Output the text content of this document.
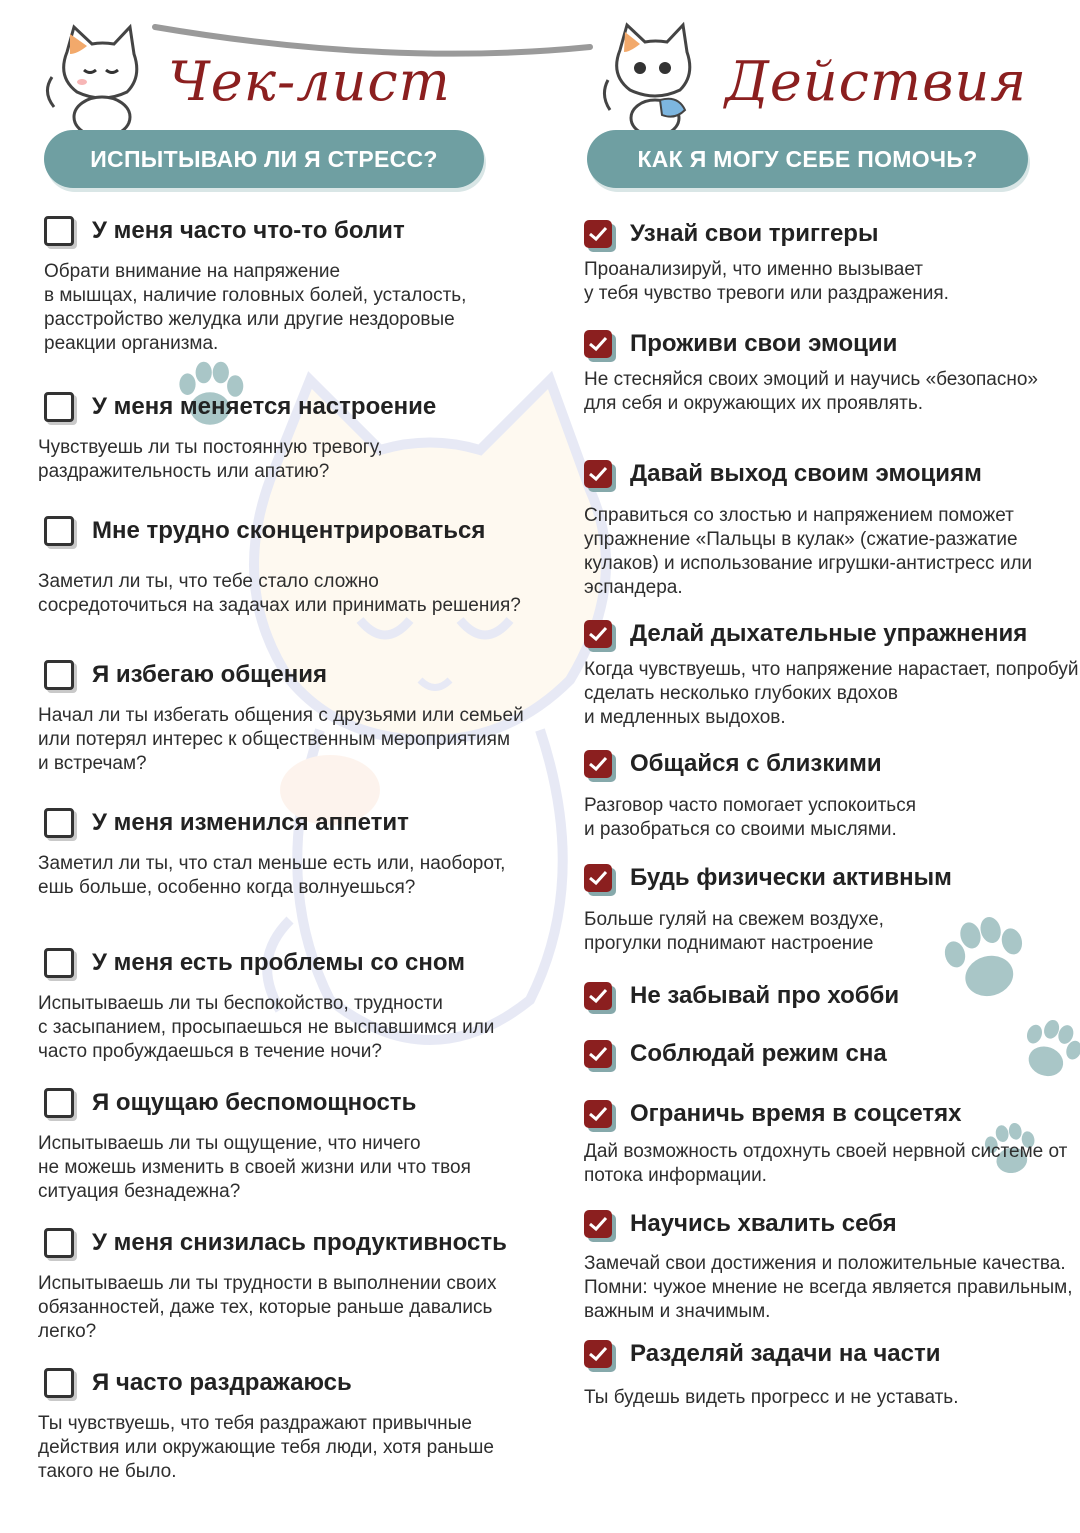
Чек-лист
ИСПЫТЫВАЮ ЛИ Я СТРЕСС?
У меня часто что-то болит
Обрати внимание на напряжение
в мышцах, наличие головных болей, усталость, расстройство желудка или другие нездоровые реакции организма.
У меня меняется настроение
Чувствуешь ли ты постоянную тревогу, раздражительность или апатию?
Мне трудно сконцентрироваться
Заметил ли ты, что тебе стало сложно сосредоточиться на задачах или принимать решения?
Я избегаю общения
Начал ли ты избегать общения с друзьями или семьей или потерял интерес к общественным мероприятиям и встречам?
У меня изменился аппетит
Заметил ли ты, что стал меньше есть или, наоборот, ешь больше, особенно когда волнуешься?
У меня есть проблемы со сном
Испытываешь ли ты беспокойство, трудности
с засыпанием, просыпаешься не выспавшимся или часто пробуждаешься в течение ночи?
Я ощущаю беспомощность
Испытываешь ли ты ощущение, что ничего
не можешь изменить в своей жизни или что твоя ситуация безнадежна?
У меня снизилась продуктивность
Испытываешь ли ты трудности в выполнении своих обязанностей, даже тех, которые раньше давались легко?
Я часто раздражаюсь
Ты чувствуешь, что тебя раздражают привычные действия или окружающие тебя люди, хотя раньше такого не было.
Действия
КАК Я МОГУ СЕБЕ ПОМОЧЬ?
Узнай свои триггеры
Проанализируй, что именно вызывает
у тебя чувство тревоги или раздражения.
Проживи свои эмоции
Не стесняйся своих эмоций и научись «безопасно» для себя и окружающих их проявлять.
Давай выход своим эмоциям
Справиться со злостью и напряжением поможет упражнение «Пальцы в кулак» (сжатие-разжатие кулаков) и использование игрушки-антистресс или эспандера.
Делай дыхательные упражнения
Когда чувствуешь, что напряжение нарастает, попробуй сделать несколько глубоких вдохов
и медленных выдохов.
Общайся с близкими
Разговор часто помогает успокоиться
и разобраться со своими мыслями.
Будь физически активным
Больше гуляй на свежем воздухе,
прогулки поднимают настроение
Не забывай про хобби
Соблюдай режим сна
Ограничь время в соцсетях
Дай возможность отдохнуть своей нервной системе от потока информации.
Научись хвалить себя
Замечай свои достижения и положительные качества. Помни: чужое мнение не всегда является правильным, важным и значимым.
Разделяй задачи на части
Ты будешь видеть прогресс и не уставать.
